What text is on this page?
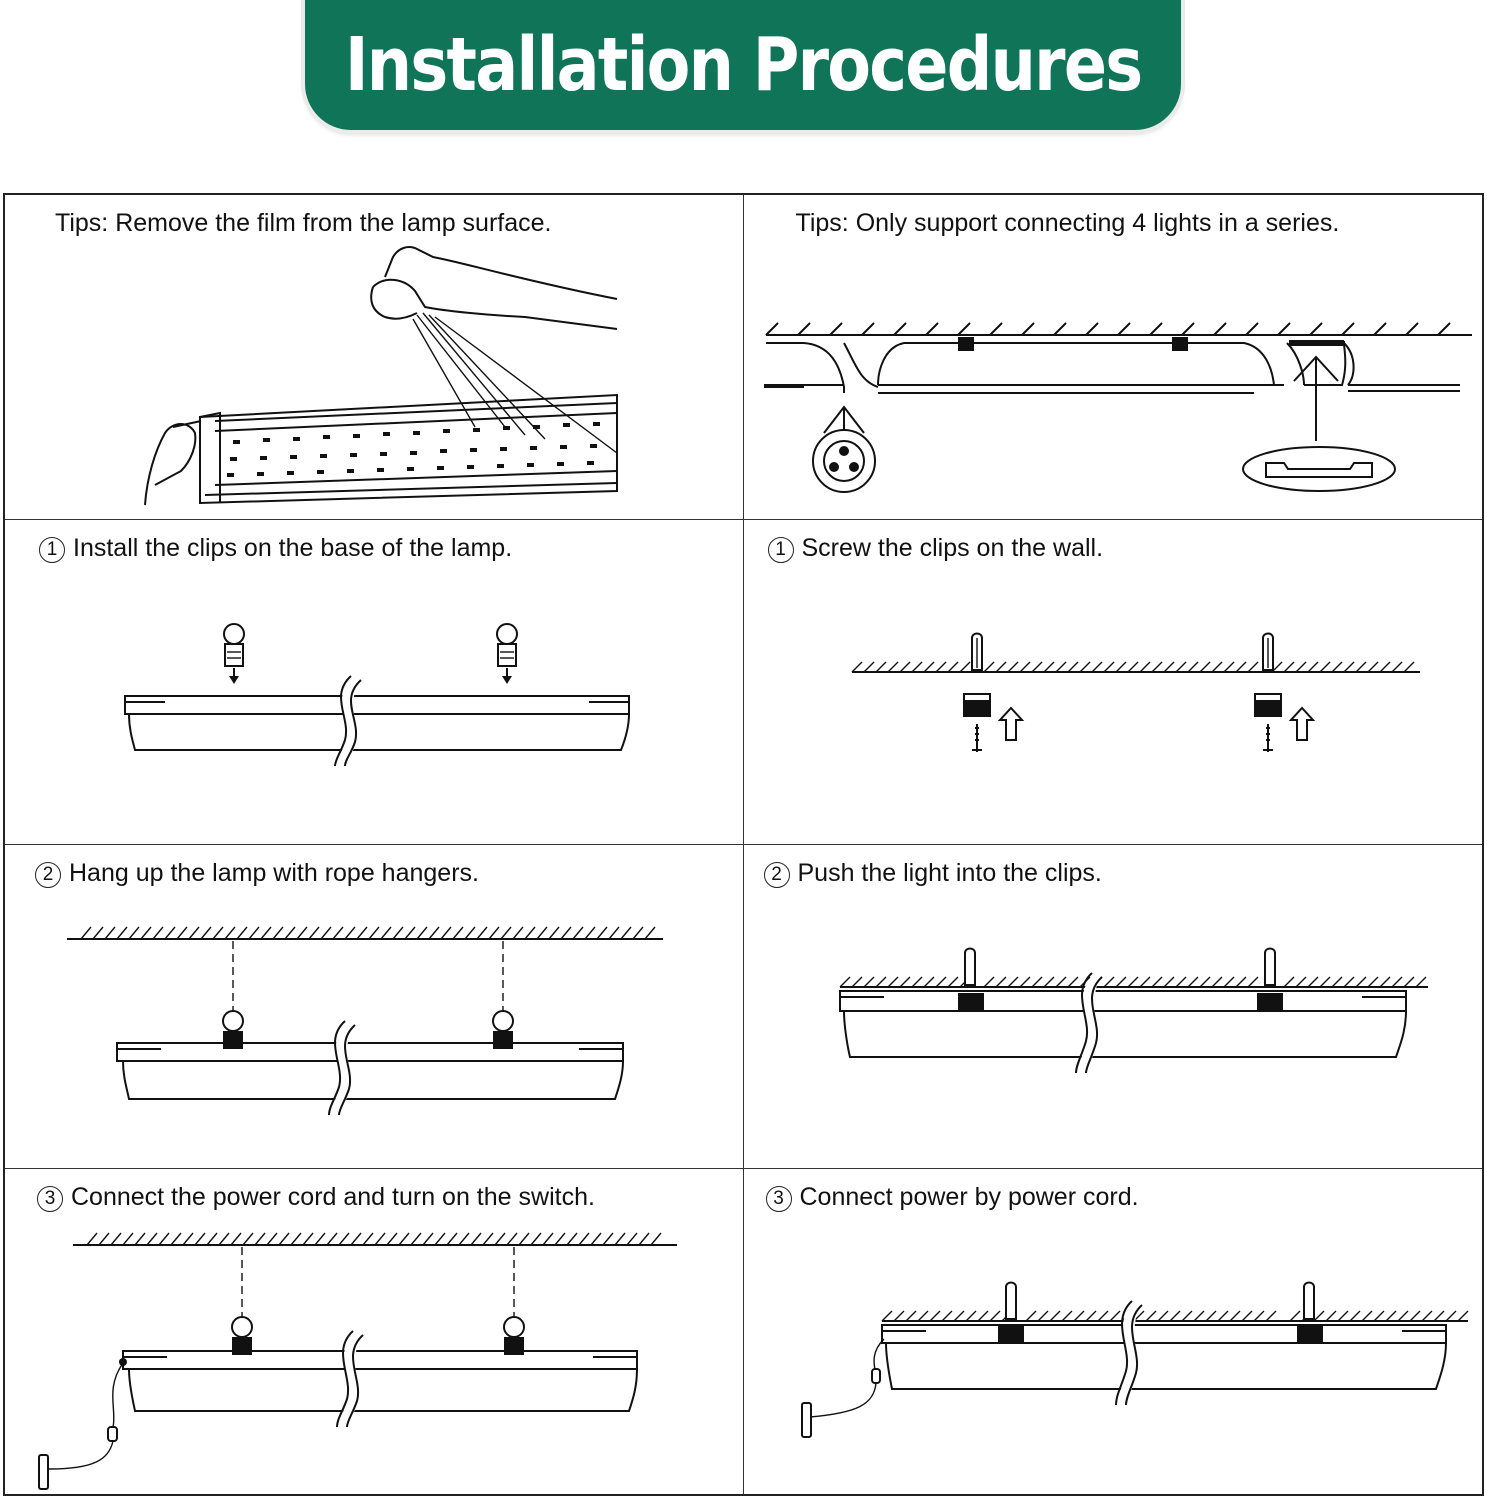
Installation Procedures
Tips: Remove the film from the lamp surface.	Tips: Only support connecting 4 lights in a series.
1 Install the clips on the base of the lamp.	1 Screw the clips on the wall.
2 Hang up the lamp with rope hangers.	2 Push the light into the clips.
3 Connect the power cord and turn on the switch.	3 Connect power by power cord.
